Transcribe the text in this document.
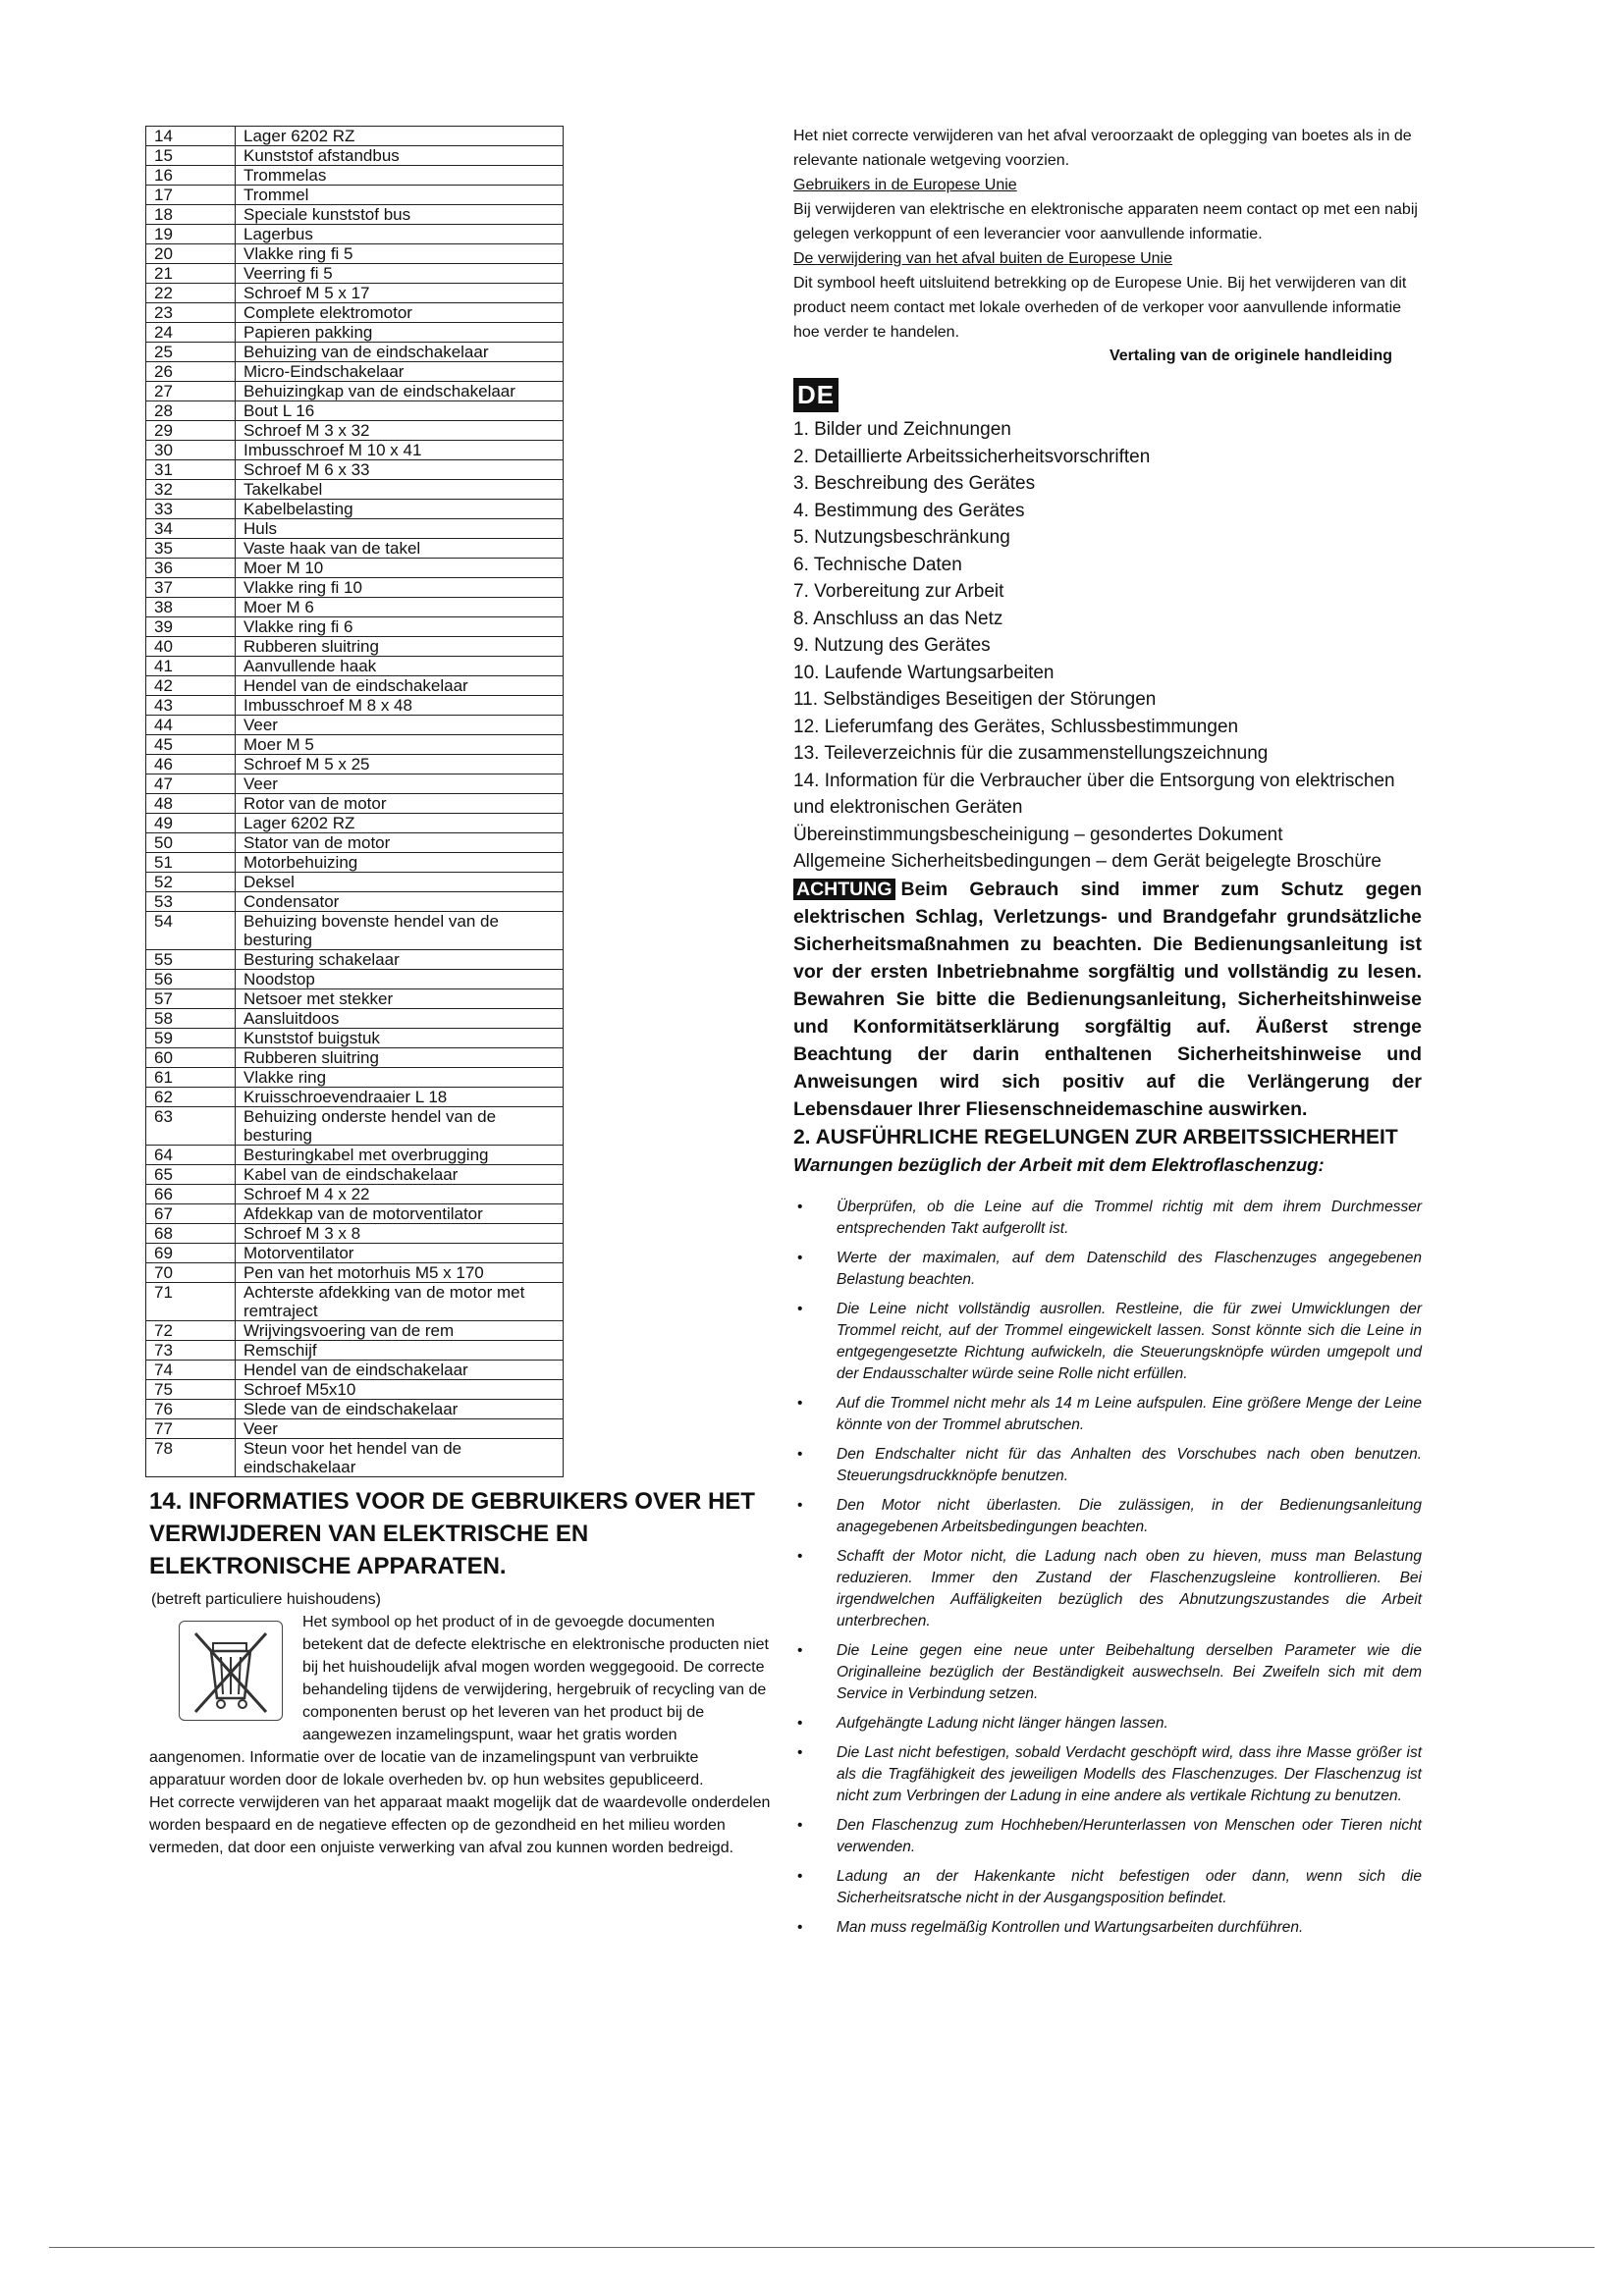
14	Lager 6202 RZ
15	Kunststof afstandbus
16	Trommelas
17	Trommel
18	Speciale kunststof bus
19	Lagerbus
20	Vlakke ring fi 5
21	Veerring fi 5
22	Schroef M 5 x 17
23	Complete elektromotor
24	Papieren pakking
25	Behuizing van de eindschakelaar
26	Micro-Eindschakelaar
27	Behuizingkap van de eindschakelaar
28	Bout L 16
29	Schroef M 3 x 32
30	Imbusschroef M 10 x 41
31	Schroef M 6 x 33
32	Takelkabel
33	Kabelbelasting
34	Huls
35	Vaste haak van de takel
36	Moer M 10
37	Vlakke ring fi 10
38	Moer M 6
39	Vlakke ring fi 6
40	Rubberen sluitring
41	Aanvullende haak
42	Hendel van de eindschakelaar
43	Imbusschroef M 8 x 48
44	Veer
45	Moer M 5
46	Schroef M 5 x 25
47	Veer
48	Rotor van de motor
49	Lager 6202 RZ
50	Stator van de motor
51	Motorbehuizing
52	Deksel
53	Condensator
54	Behuizing bovenste hendel van de besturing
55	Besturing schakelaar
56	Noodstop
57	Netsoer met stekker
58	Aansluitdoos
59	Kunststof buigstuk
60	Rubberen sluitring
61	Vlakke ring
62	Kruisschroevendraaier L 18
63	Behuizing onderste hendel van de besturing
64	Besturingkabel met overbrugging
65	Kabel van de eindschakelaar
66	Schroef M 4 x 22
67	Afdekkap van de motorventilator
68	Schroef M 3 x 8
69	Motorventilator
70	Pen van het motorhuis M5 x 170
71	Achterste afdekking van de motor met remtraject
72	Wrijvingsvoering van de rem
73	Remschijf
74	Hendel van de eindschakelaar
75	Schroef M5x10
76	Slede van de eindschakelaar
77	Veer
78	Steun voor het hendel van de eindschakelaar
14. INFORMATIES VOOR DE GEBRUIKERS OVER HET VERWIJDEREN VAN ELEKTRISCHE EN ELEKTRONISCHE APPARATEN.
(betreft particuliere huishoudens)
Het symbool op het product of in de gevoegde documenten betekent dat de defecte elektrische en elektronische producten niet bij het huishoudelijk afval mogen worden weggegooid. De correcte behandeling tijdens de verwijdering, hergebruik of recycling van de componenten berust op het leveren van het product bij de aangewezen inzamelingspunt, waar het gratis worden aangenomen. Informatie over de locatie van de inzamelingspunt van verbruikte apparatuur worden door de lokale overheden bv. op hun websites gepubliceerd.
Het correcte verwijderen van het apparaat maakt mogelijk dat de waardevolle onderdelen worden bespaard en de negatieve effecten op de gezondheid en het milieu worden vermeden, dat door een onjuiste verwerking van afval zou kunnen worden bedreigd.
Het niet correcte verwijderen van het afval veroorzaakt de oplegging van boetes als in de relevante nationale wetgeving voorzien.
Gebruikers in de Europese Unie
Bij verwijderen van elektrische en elektronische apparaten neem contact op met een nabij gelegen verkoppunt of een leverancier voor aanvullende informatie.
De verwijdering van het afval buiten de Europese Unie
Dit symbool heeft uitsluitend betrekking op de Europese Unie. Bij het verwijderen van dit product neem contact met lokale overheden of de verkoper voor aanvullende informatie hoe verder te handelen.
Vertaling van de originele handleiding
DE
1. Bilder und Zeichnungen
2. Detaillierte Arbeitssicherheitsvorschriften
3. Beschreibung des Gerätes
4. Bestimmung des Gerätes
5. Nutzungsbeschränkung
6. Technische Daten
7. Vorbereitung zur Arbeit
8. Anschluss an das Netz
9. Nutzung des Gerätes
10. Laufende Wartungsarbeiten
11. Selbständiges Beseitigen der Störungen
12. Lieferumfang des Gerätes, Schlussbestimmungen
13. Teileverzeichnis für die zusammenstellungszeichnung
14. Information für die Verbraucher über die Entsorgung von elektrischen und elektronischen Geräten
Übereinstimmungsbescheinigung – gesondertes Dokument
Allgemeine Sicherheitsbedingungen – dem Gerät beigelegte Broschüre
ACHTUNG Beim Gebrauch sind immer zum Schutz gegen elektrischen Schlag, Verletzungs- und Brandgefahr grundsätzliche Sicherheitsmaßnahmen zu beachten. Die Bedienungsanleitung ist vor der ersten Inbetriebnahme sorgfältig und vollständig zu lesen. Bewahren Sie bitte die Bedienungsanleitung, Sicherheitshinweise und Konformitätserklärung sorgfältig auf. Äußerst strenge Beachtung der darin enthaltenen Sicherheitshinweise und Anweisungen wird sich positiv auf die Verlängerung der Lebensdauer Ihrer Fliesenschneidemaschine auswirken.
2. AUSFÜHRLICHE REGELUNGEN ZUR ARBEITSSICHERHEIT
Warnungen bezüglich der Arbeit mit dem Elektroflaschenzug:
• Überprüfen, ob die Leine auf die Trommel richtig mit dem ihrem Durchmesser entsprechenden Takt aufgerollt ist.
• Werte der maximalen, auf dem Datenschild des Flaschenzuges angegebenen Belastung beachten.
• Die Leine nicht vollständig ausrollen. Restleine, die für zwei Umwicklungen der Trommel reicht, auf der Trommel eingewickelt lassen. Sonst könnte sich die Leine in entgegengesetzte Richtung aufwickeln, die Steuerungsknöpfe würden umgepolt und der Endausschalter würde seine Rolle nicht erfüllen.
• Auf die Trommel nicht mehr als 14 m Leine aufspulen. Eine größere Menge der Leine könnte von der Trommel abrutschen.
• Den Endschalter nicht für das Anhalten des Vorschubes nach oben benutzen. Steuerungsdruckknöpfe benutzen.
• Den Motor nicht überlasten. Die zulässigen, in der Bedienungsanleitung anagegebenen Arbeitsbedingungen beachten.
• Schafft der Motor nicht, die Ladung nach oben zu hieven, muss man Belastung reduzieren. Immer den Zustand der Flaschenzugsleine kontrollieren. Bei irgendwelchen Auffäligkeiten bezüglich des Abnutzungszustandes die Arbeit unterbrechen.
• Die Leine gegen eine neue unter Beibehaltung derselben Parameter wie die Originalleine bezüglich der Beständigkeit auswechseln. Bei Zweifeln sich mit dem Service in Verbindung setzen.
• Aufgehängte Ladung nicht länger hängen lassen.
• Die Last nicht befestigen, sobald Verdacht geschöpft wird, dass ihre Masse größer ist als die Tragfähigkeit des jeweiligen Modells des Flaschenzuges. Der Flaschenzug ist nicht zum Verbringen der Ladung in eine andere als vertikale Richtung zu benutzen.
• Den Flaschenzug zum Hochheben/Herunterlassen von Menschen oder Tieren nicht verwenden.
• Ladung an der Hakenkante nicht befestigen oder dann, wenn sich die Sicherheitsratsche nicht in der Ausgangsposition befindet.
• Man muss regelmäßig Kontrollen und Wartungsarbeiten durchführen.
